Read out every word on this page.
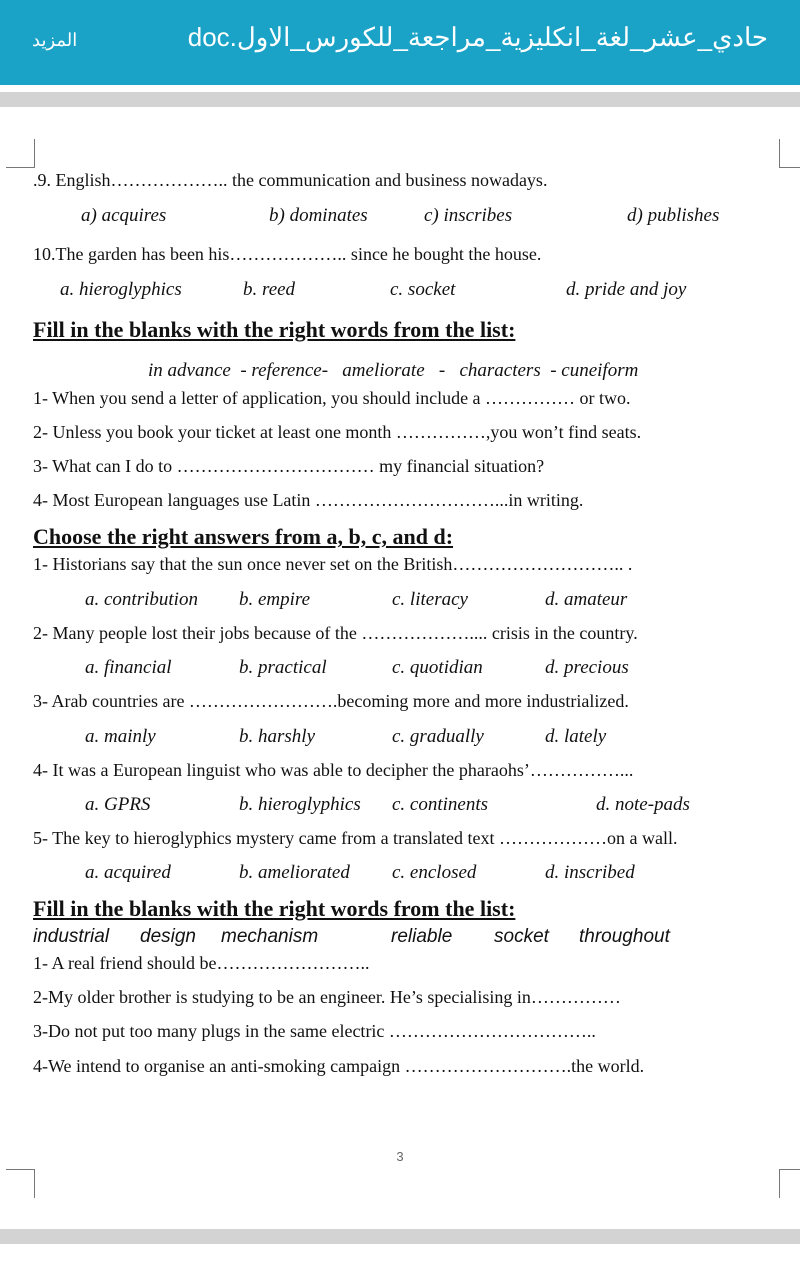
حادي_عشر_لغة_انكليزية_مراجعة_للكورس_الاول.doc
المزيد
.9. English……………….. the communication and business nowadays.
a) acquires	b) dominates	c) inscribes	d) publishes
10.The garden has been his……………….. since he bought the house.
a. hieroglyphics	b. reed	c. socket	d. pride and joy
Fill in the blanks with the right words from the list:
in advance  - reference-   ameliorate   -   characters  - cuneiform
1- When you send a letter of application, you should include a …………… or two.
2- Unless you book your ticket at least one month ……………,you won’t find seats.
3- What can I do to …………………………… my financial situation?
4- Most European languages use Latin …………………………...in writing.
Choose the right answers from a, b, c, and d:
1- Historians say that the sun once never set on the British……………………….. .
a. contribution b. empire	c. literacy	d. amateur
2- Many people lost their jobs because of the ……………….... crisis in the country.
a. financial	b. practical	c. quotidian	d. precious
3- Arab countries are …………………….becoming more and more industrialized.
a. mainly	b. harshly	c. gradually	d. lately
4- It was a European linguist who was able to decipher the pharaohs’……………...
a. GPRS	b. hieroglyphics c. continents	d. note-pads
5- The key to hieroglyphics mystery came from a translated text ………………on a wall.
a. acquired	b. ameliorated c. enclosed	d. inscribed
Fill in the blanks with the right words from the list:
industrial design mechanism	reliable socket throughout
1- A real friend should be……………………..
2-My older brother is studying to be an engineer. He’s specialising in……………
3-Do not put too many plugs in the same electric ……………………………..
4-We intend to organise an anti-smoking campaign ……………………….the world.
3
